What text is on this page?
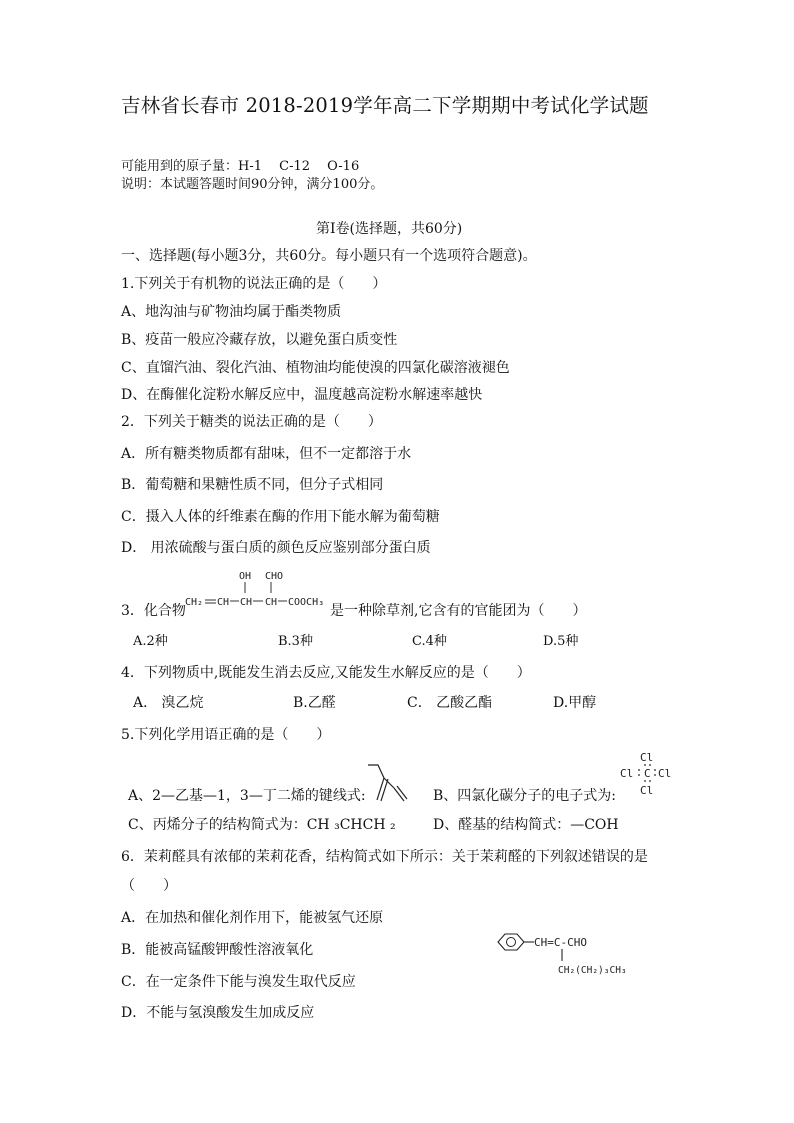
吉林省长春市 2018-2019学年高二下学期期中考试化学试题
可能用到的原子量：H-1　 C-12　 O-16
说明：本试题答题时间90分钟，满分100分。
第Ⅰ卷(选择题，共60分)
一、选择题(每小题3分，共60分。每小题只有一个选项符合题意)。
1.下列关于有机物的说法正确的是（　　）
A、地沟油与矿物油均属于酯类物质
B、疫苗一般应冷藏存放，以避免蛋白质变性
C、直馏汽油、裂化汽油、植物油均能使溴的四氯化碳溶液褪色
D、在酶催化淀粉水解反应中，温度越高淀粉水解速率越快
2．下列关于糖类的说法正确的是（　　）
A．所有糖类物质都有甜味，但不一定都溶于水
B．葡萄糖和果糖性质不同，但分子式相同
C．摄入人体的纤维素在酶的作用下能水解为葡萄糖
D． 用浓硫酸与蛋白质的颜色反应鉴别部分蛋白质
3．化合物
OH CHO
CH₂ CH CH CH COOCH₃
是一种除草剂,它含有的官能团为（　　）
A.2种	B.3种	C.4种	D.5种
4．下列物质中,既能发生消去反应,又能发生水解反应的是（　　）
A． 溴乙烷	B.乙醛	C． 乙酸乙酯	D.甲醇
5.下列化学用语正确的是（　　）
A、2—乙基—1，3—丁二烯的键线式:	B、四氯化碳分子的电子式为:
Cl
Cl C Cl
Cl
C、丙烯分子的结构简式为：CH ₃CHCH ₂	D、醛基的结构简式：—COH
6．茉莉醛具有浓郁的茉莉花香，结构简式如下所示：关于茉莉醛的下列叙述错误的是
（　　）
CH=C-CHO
CH₂(CH₂)₃CH₃
A．在加热和催化剂作用下，能被氢气还原
B．能被高锰酸钾酸性溶液氧化
C．在一定条件下能与溴发生取代反应
D．不能与氢溴酸发生加成反应
